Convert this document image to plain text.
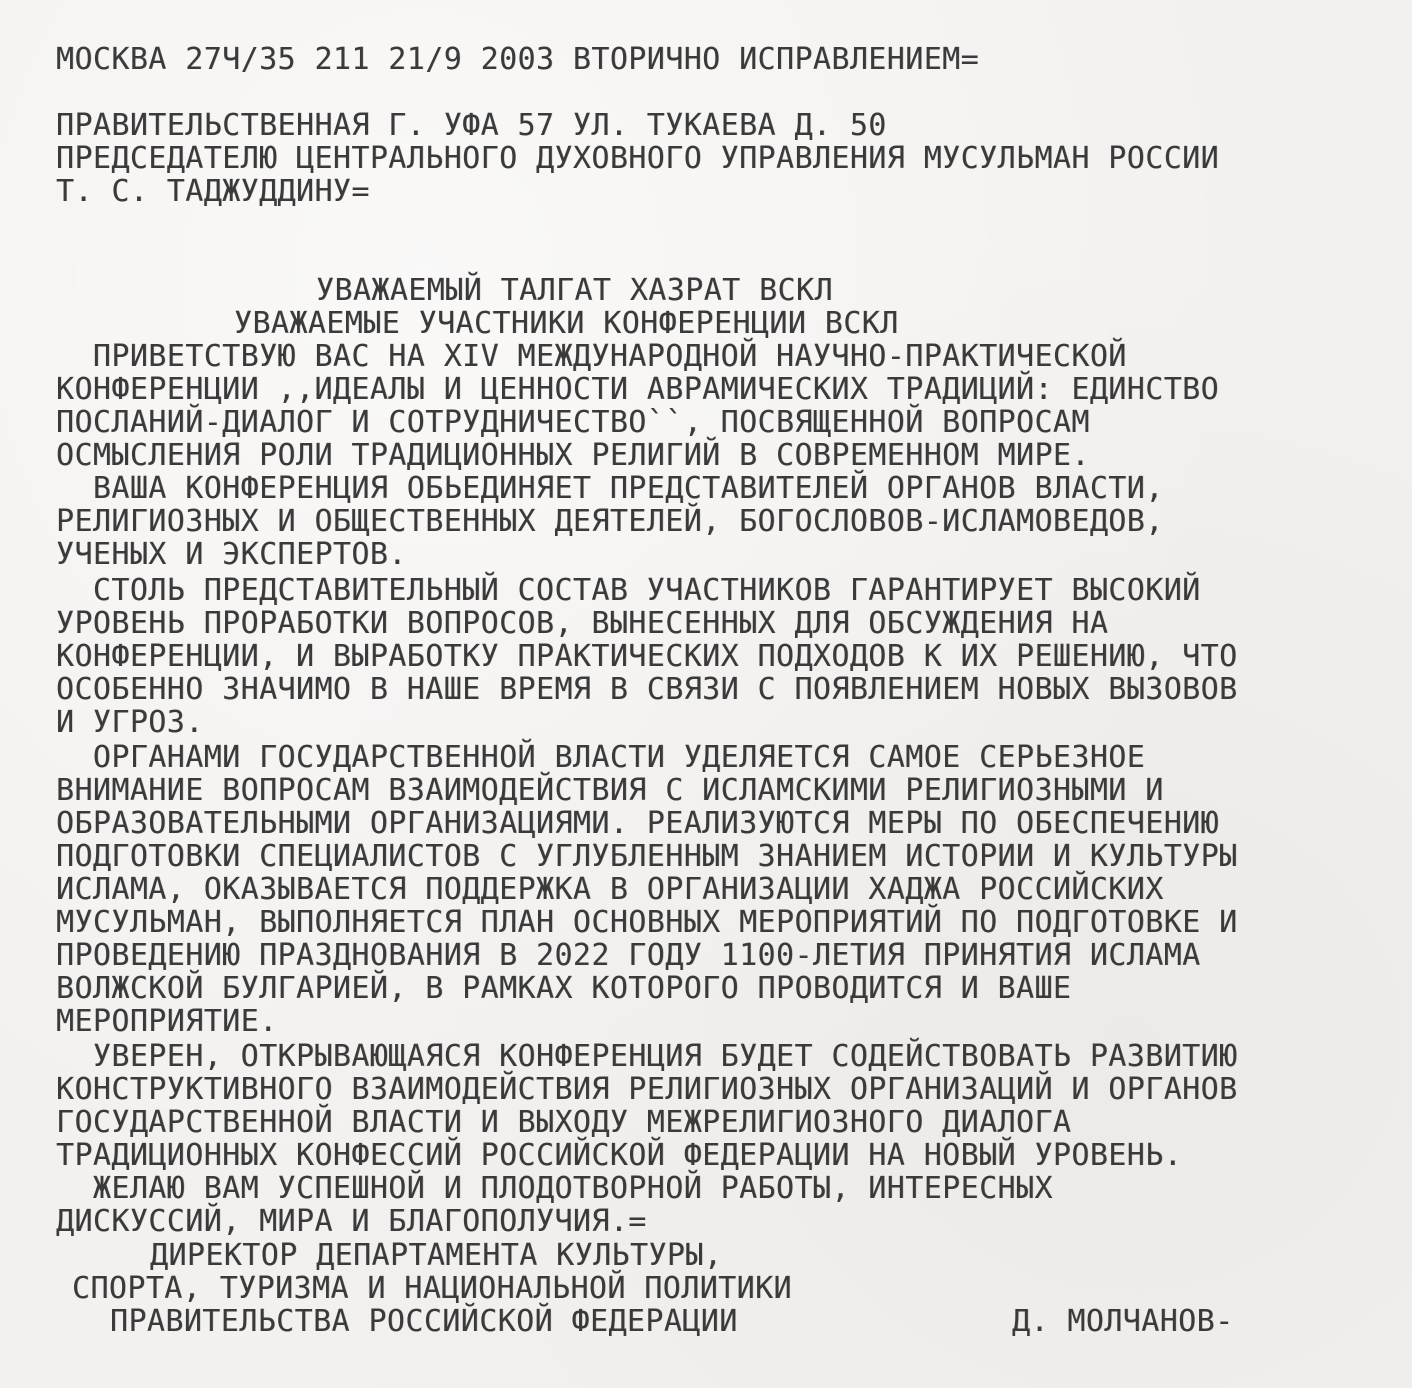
МОСКВА 27Ч/35 211 21/9 2003 ВТОРИЧНО ИСПРАВЛЕНИЕМ=
ПРАВИТЕЛЬСТВЕННАЯ Г. УФА 57 УЛ. ТУКАЕВА Д. 50
ПРЕДСЕДАТЕЛЮ ЦЕНТРАЛЬНОГО ДУХОВНОГО УПРАВЛЕНИЯ МУСУЛЬМАН РОССИИ
Т. С. ТАДЖУДДИНУ=
УВАЖАЕМЫЙ ТАЛГАТ ХАЗРАТ ВСКЛ
УВАЖАЕМЫЕ УЧАСТНИКИ КОНФЕРЕНЦИИ ВСКЛ
ПРИВЕТСТВУЮ ВАС НА XIV МЕЖДУНАРОДНОЙ НАУЧНО-ПРАКТИЧЕСКОЙ
КОНФЕРЕНЦИИ ,,ИДЕАЛЫ И ЦЕННОСТИ АВРАМИЧЕСКИХ ТРАДИЦИЙ: ЕДИНСТВО
ПОСЛАНИЙ-ДИАЛОГ И СОТРУДНИЧЕСТВО``, ПОСВЯЩЕННОЙ ВОПРОСАМ
ОСМЫСЛЕНИЯ РОЛИ ТРАДИЦИОННЫХ РЕЛИГИЙ В СОВРЕМЕННОМ МИРЕ.
ВАША КОНФЕРЕНЦИЯ ОБЬЕДИНЯЕТ ПРЕДСТАВИТЕЛЕЙ ОРГАНОВ ВЛАСТИ,
РЕЛИГИОЗНЫХ И ОБЩЕСТВЕННЫХ ДЕЯТЕЛЕЙ, БОГОСЛОВОВ-ИСЛАМОВЕДОВ,
УЧЕНЫХ И ЭКСПЕРТОВ.
СТОЛЬ ПРЕДСТАВИТЕЛЬНЫЙ СОСТАВ УЧАСТНИКОВ ГАРАНТИРУЕТ ВЫСОКИЙ
УРОВЕНЬ ПРОРАБОТКИ ВОПРОСОВ, ВЫНЕСЕННЫХ ДЛЯ ОБСУЖДЕНИЯ НА
КОНФЕРЕНЦИИ, И ВЫРАБОТКУ ПРАКТИЧЕСКИХ ПОДХОДОВ К ИХ РЕШЕНИЮ, ЧТО
ОСОБЕННО ЗНАЧИМО В НАШЕ ВРЕМЯ В СВЯЗИ С ПОЯВЛЕНИЕМ НОВЫХ ВЫЗОВОВ
И УГРОЗ.
ОРГАНАМИ ГОСУДАРСТВЕННОЙ ВЛАСТИ УДЕЛЯЕТСЯ САМОЕ СЕРЬЕЗНОЕ
ВНИМАНИЕ ВОПРОСАМ ВЗАИМОДЕЙСТВИЯ С ИСЛАМСКИМИ РЕЛИГИОЗНЫМИ И
ОБРАЗОВАТЕЛЬНЫМИ ОРГАНИЗАЦИЯМИ. РЕАЛИЗУЮТСЯ МЕРЫ ПО ОБЕСПЕЧЕНИЮ
ПОДГОТОВКИ СПЕЦИАЛИСТОВ С УГЛУБЛЕННЫМ ЗНАНИЕМ ИСТОРИИ И КУЛЬТУРЫ
ИСЛАМА, ОКАЗЫВАЕТСЯ ПОДДЕРЖКА В ОРГАНИЗАЦИИ ХАДЖА РОССИЙСКИХ
МУСУЛЬМАН, ВЫПОЛНЯЕТСЯ ПЛАН ОСНОВНЫХ МЕРОПРИЯТИЙ ПО ПОДГОТОВКЕ И
ПРОВЕДЕНИЮ ПРАЗДНОВАНИЯ В 2022 ГОДУ 1100-ЛЕТИЯ ПРИНЯТИЯ ИСЛАМА
ВОЛЖСКОЙ БУЛГАРИЕЙ, В РАМКАХ КОТОРОГО ПРОВОДИТСЯ И ВАШЕ
МЕРОПРИЯТИЕ.
УВЕРЕН, ОТКРЫВАЮЩАЯСЯ КОНФЕРЕНЦИЯ БУДЕТ СОДЕЙСТВОВАТЬ РАЗВИТИЮ
КОНСТРУКТИВНОГО ВЗАИМОДЕЙСТВИЯ РЕЛИГИОЗНЫХ ОРГАНИЗАЦИЙ И ОРГАНОВ
ГОСУДАРСТВЕННОЙ ВЛАСТИ И ВЫХОДУ МЕЖРЕЛИГИОЗНОГО ДИАЛОГА
ТРАДИЦИОННЫХ КОНФЕССИЙ РОССИЙСКОЙ ФЕДЕРАЦИИ НА НОВЫЙ УРОВЕНЬ.
ЖЕЛАЮ ВАМ УСПЕШНОЙ И ПЛОДОТВОРНОЙ РАБОТЫ, ИНТЕРЕСНЫХ
ДИСКУССИЙ, МИРА И БЛАГОПОЛУЧИЯ.=
ДИРЕКТОР ДЕПАРТАМЕНТА КУЛЬТУРЫ,
СПОРТА, ТУРИЗМА И НАЦИОНАЛЬНОЙ ПОЛИТИКИ
ПРАВИТЕЛЬСТВА РОССИЙСКОЙ ФЕДЕРАЦИИ	Д. МОЛЧАНОВ-
